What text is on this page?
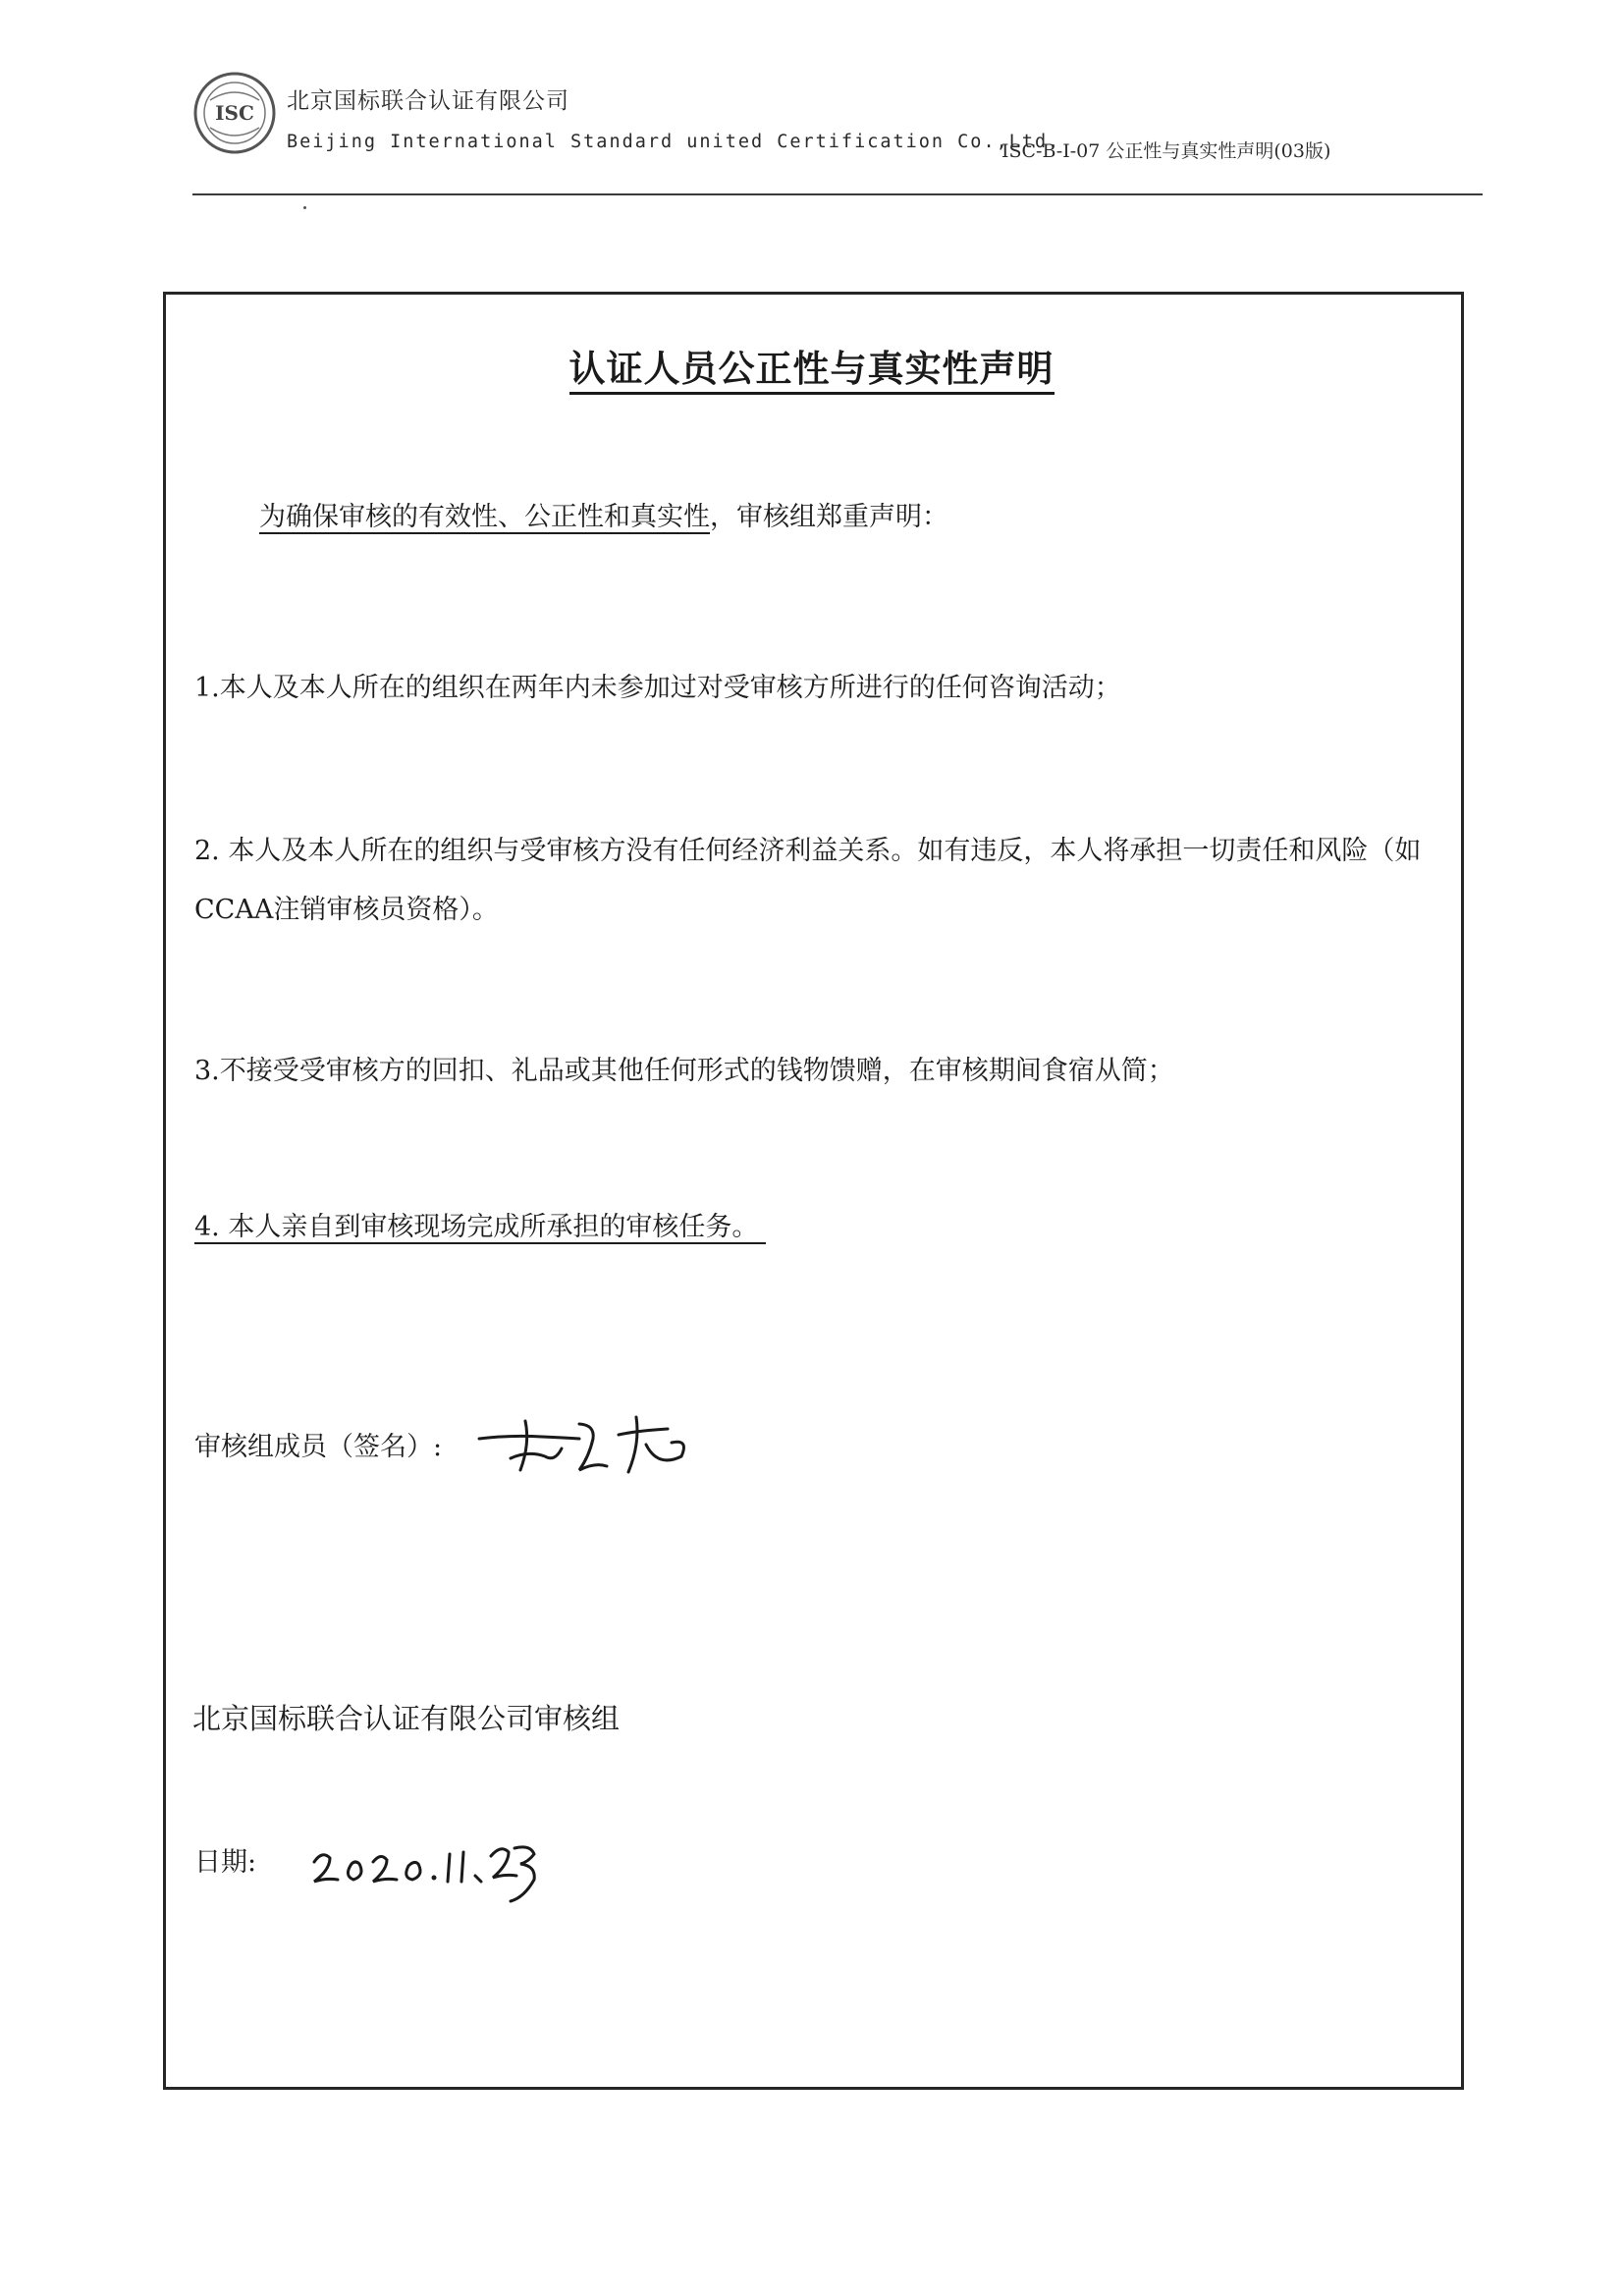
ISC 北京国标联合认证有限公司
Beijing International Standard united Certification Co.,Ltd.
ISC-B-I-07 公正性与真实性声明(03版)
认证人员公正性与真实性声明
为确保审核的有效性、公正性和真实性，审核组郑重声明：
1.本人及本人所在的组织在两年内未参加过对受审核方所进行的任何咨询活动；
2. 本人及本人所在的组织与受审核方没有任何经济利益关系。如有违反，本人将承担一切责任和风险（如CCAA注销审核员资格）。
3.不接受受审核方的回扣、礼品或其他任何形式的钱物馈赠，在审核期间食宿从简；
4. 本人亲自到审核现场完成所承担的审核任务。
审核组成员（签名）:
北京国标联合认证有限公司审核组
日期:
